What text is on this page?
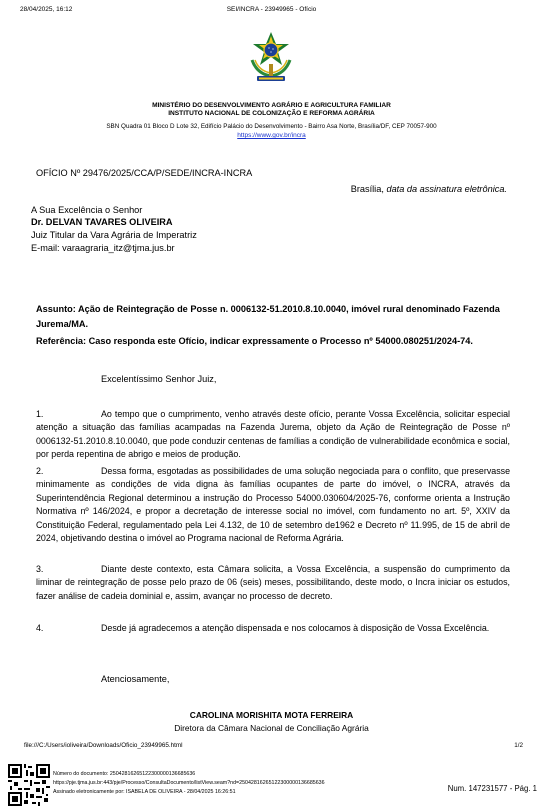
28/04/2025, 16:12	SEI/INCRA - 23949965 - Ofício
MINISTÉRIO DO DESENVOLVIMENTO AGRÁRIO E AGRICULTURA FAMILIAR
INSTITUTO NACIONAL DE COLONIZAÇÃO E REFORMA AGRÁRIA
SBN Quadra 01 Bloco D Lote 32, Edifício Palácio do Desenvolvimento - Bairro Asa Norte, Brasília/DF, CEP 70057-900
https://www.gov.br/incra
OFÍCIO Nº 29476/2025/CCA/P/SEDE/INCRA-INCRA
Brasília, data da assinatura eletrônica.
A Sua Excelência o Senhor
Dr. DELVAN TAVARES OLIVEIRA
Juiz Titular da Vara Agrária de Imperatriz
E-mail: varaagraria_itz@tjma.jus.br
Assunto: Ação de Reintegração de Posse n. 0006132-51.2010.8.10.0040, imóvel rural denominado Fazenda Jurema/MA.
Referência: Caso responda este Ofício, indicar expressamente o Processo nº 54000.080251/2024-74.
Excelentíssimo Senhor Juiz,
1.	Ao tempo que o cumprimento, venho através deste ofício, perante Vossa Excelência, solicitar especial atenção a situação das famílias acampadas na Fazenda Jurema, objeto da Ação de Reintegração de Posse nº 0006132-51.2010.8.10.0040, que pode conduzir centenas de famílias a condição de vulnerabilidade econômica e social, por perda repentina de abrigo e meios de produção.
2.	Dessa forma, esgotadas as possibilidades de uma solução negociada para o conflito, que preservasse minimamente as condições de vida digna às famílias ocupantes de parte do imóvel, o INCRA, através da Superintendência Regional determinou a instrução do Processo 54000.030604/2025-76, conforme orienta a Instrução Normativa nº 146/2024, e propor a decretação de interesse social no imóvel, com fundamento no art. 5º, XXIV da Constituição Federal, regulamentado pela Lei 4.132, de 10 de setembro de1962 e Decreto nº 11.995, de 15 de abril de 2024, objetivando destina o imóvel ao Programa nacional de Reforma Agrária.
3.	Diante deste contexto, esta Câmara solicita, a Vossa Excelência, a suspensão do cumprimento da liminar de reintegração de posse pelo prazo de 06 (seis) meses, possibilitando, deste modo, o Incra iniciar os estudos, fazer análise de cadeia dominial e, assim, avançar no processo de decreto.
4.	Desde já agradecemos a atenção dispensada e nos colocamos à disposição de Vossa Excelência.
Atenciosamente,
CAROLINA MORISHITA MOTA FERREIRA
Diretora da Câmara Nacional de Conciliação Agrária
file:///C:/Users/ioliveira/Downloads/Oficio_23949965.html	1/2
Número do documento: 25042816265122300000136685636
https://pje.tjma.jus.br:443/pje/Processo/ConsultaDocumento/listView.seam?nd=25042816265122300000136685636
Assinado eletronicamente por: ISABELA DE OLIVEIRA - 28/04/2025 16:26:51	Num. 147231577 - Pág. 1
